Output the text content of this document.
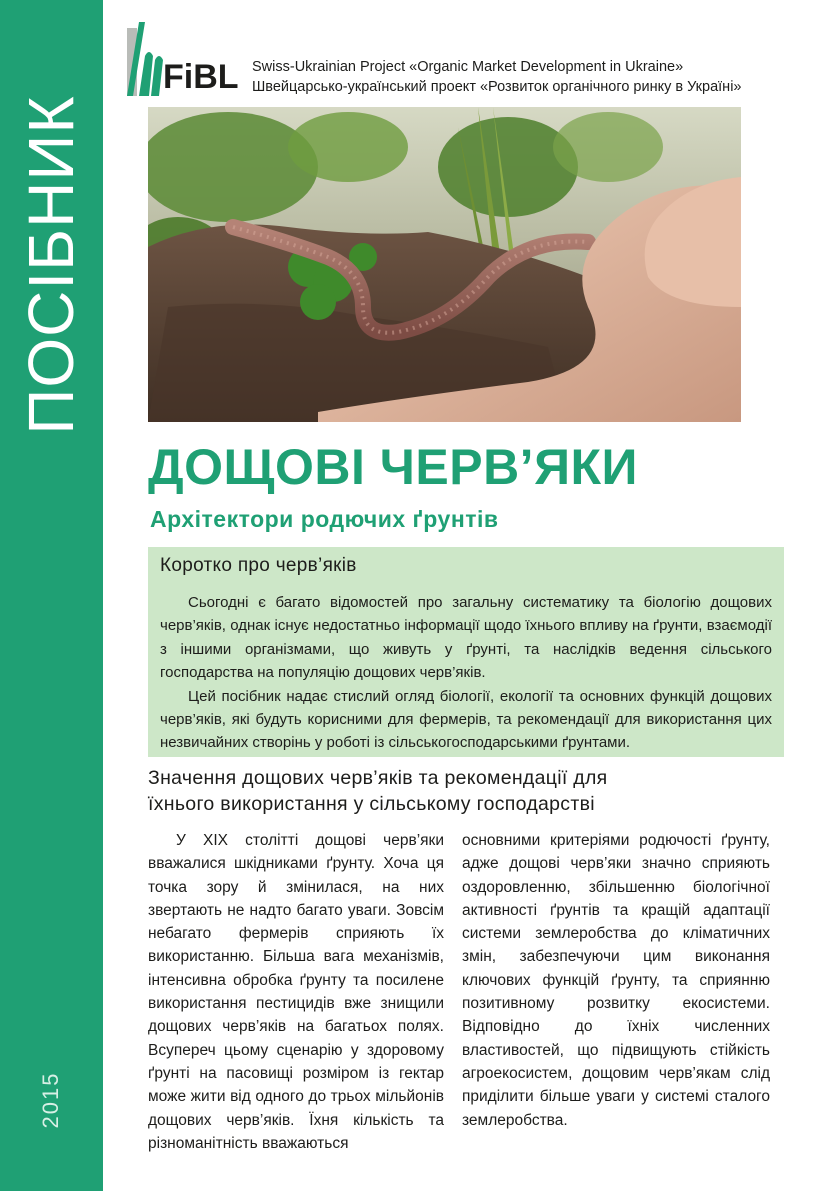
ПОСІБНИК
2015
FiBL Swiss-Ukrainian Project «Organic Market Development in Ukraine»
Швейцарсько-український проект «Розвиток органічного ринку в Україні»
ДОЩОВІ ЧЕРВ’ЯКИ
Архітектори родючих ґрунтів
Коротко про черв’яків

Сьогодні є багато відомостей про загальну систематику та біологію дощових черв’яків, однак існує недостатньо інформації щодо їхнього впливу на ґрунти, взаємодії з іншими організмами, що живуть у ґрунті, та наслідків ведення сільського господарства на популяцію дощових черв’яків.

Цей посібник надає стислий огляд біології, екології та основних функцій дощових черв’яків, які будуть корисними для фермерів, та рекомендації для використання цих незвичайних створінь у роботі із сільськогосподарськими ґрунтами.

Значення дощових черв’яків та рекомендації для
їхнього використання у сільському господарстві

У XIX столітті дощові черв’яки вважалися шкідниками ґрунту. Хоча ця точка зору й змінилася, на них звертають не надто багато уваги. Зовсім небагато фермерів сприяють їх використанню. Більша вага механізмів, інтенсивна обробка ґрунту та посилене використання пестицидів вже знищили дощових черв’яків на багатьох полях. Всупереч цьому сценарію у здоровому ґрунті на пасовищі розміром із гектар може жити від одного до трьох мільйонів дощових черв’яків. Їхня кількість та різноманітність вважаються

основними критеріями родючості ґрунту, адже дощові черв’яки значно сприяють оздоровленню, збільшенню біологічної активності ґрунтів та кращій адаптації системи землеробства до кліматичних змін, забезпечуючи цим виконання ключових функцій ґрунту, та сприянню позитивному розвитку екосистеми. Відповідно до їхніх численних властивостей, що підвищують стійкість агроекосистем, дощовим черв’якам слід приділити більше уваги у системі сталого землеробства.
